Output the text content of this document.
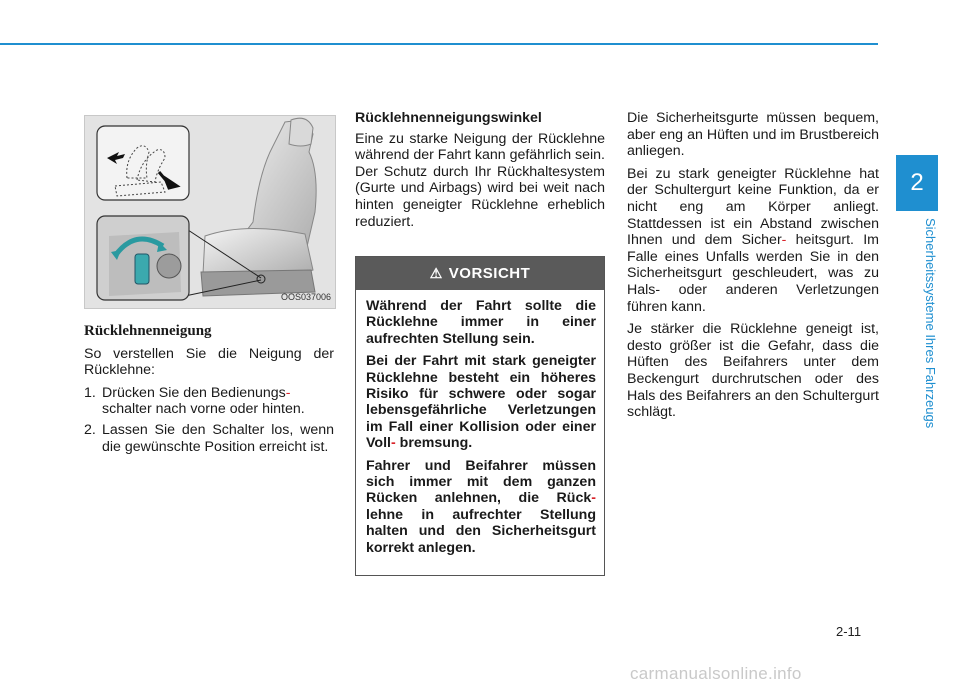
2
Sicherheitssysteme Ihres Fahrzeugs
OOS037006
Rücklehnenneigung

So verstellen Sie die Neigung der Rücklehne:

1. Drücken Sie den Bedienungs-
schalter nach vorne oder hinten.
2. Lassen Sie den Schalter los, wenn die gewünschte Position erreicht ist.
Rücklehnenneigungswinkel

Eine zu starke Neigung der Rücklehne während der Fahrt kann gefährlich sein. Der Schutz durch Ihr Rückhaltesystem (Gurte und Airbags) wird bei weit nach hinten geneigter Rücklehne erheblich reduziert.

⚠ VORSICHT

Während der Fahrt sollte die Rücklehne immer in einer aufrechten Stellung sein.

Bei der Fahrt mit stark geneigter Rücklehne besteht ein höheres Risiko für schwere oder sogar lebensgefährliche Verletzungen im Fall einer Kollision oder einer Voll- bremsung.

Fahrer und Beifahrer müssen sich immer mit dem ganzen Rücken anlehnen, die Rück- lehne in aufrechter Stellung halten und den Sicherheitsgurt korrekt anlegen.

Die Sicherheitsgurte müssen bequem, aber eng an Hüften und im Brustbereich anliegen.

Bei zu stark geneigter Rücklehne hat der Schultergurt keine Funktion, da er nicht eng am Körper anliegt. Stattdessen ist ein Abstand zwischen Ihnen und dem Sicher- heitsgurt. Im Falle eines Unfalls werden Sie in den Sicherheitsgurt geschleudert, was zu Hals- oder anderen Verletzungen führen kann.

Je stärker die Rücklehne geneigt ist, desto größer ist die Gefahr, dass die Hüften des Beifahrers unter dem Beckengurt durchrutschen oder des Hals des Beifahrers an den Schultergurt schlägt.

2-11
carmanualsonline.info
